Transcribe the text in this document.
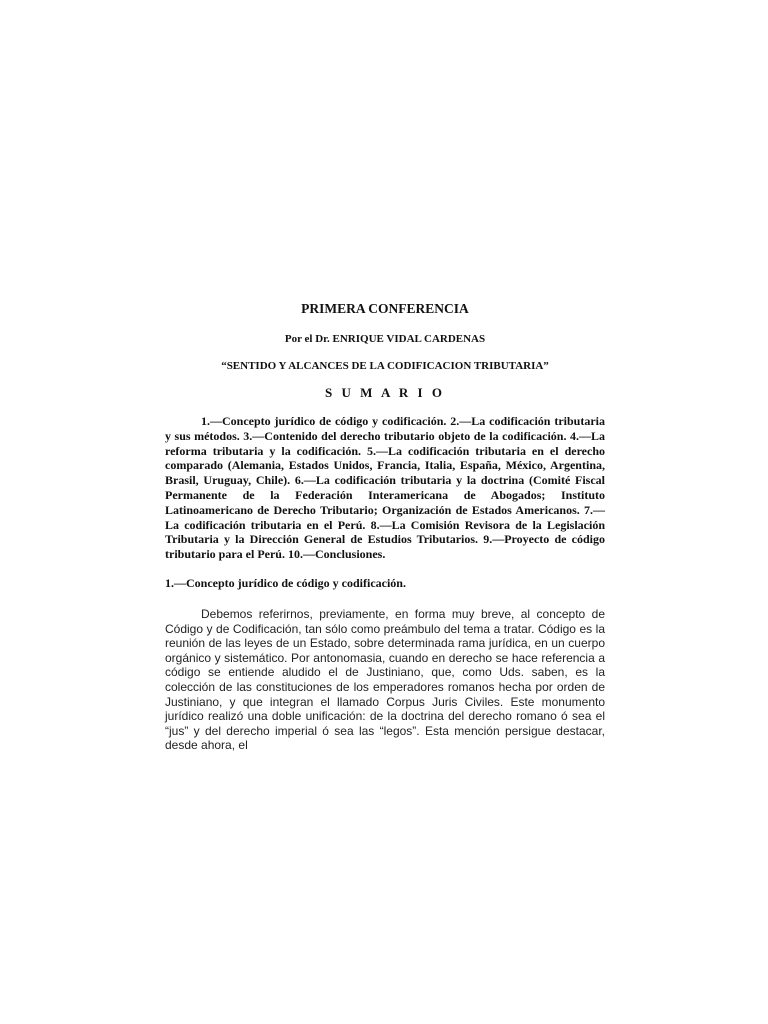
PRIMERA CONFERENCIA
Por el Dr. ENRIQUE VIDAL CARDENAS
“SENTIDO Y ALCANCES DE LA CODIFICACION TRIBUTARIA”
S U M A R I O

1.—Concepto jurídico de código y codificación. 2.—La codificación tributaria y sus métodos. 3.—Contenido del derecho tributario objeto de la codificación. 4.—La reforma tributaria y la codificación. 5.—La codificación tributaria en el derecho comparado (Alemania, Estados Unidos, Francia, Italia, España, México, Argentina, Brasil, Uruguay, Chile). 6.—La codificación tributaria y la doctrina (Comité Fiscal Permanente de la Federación Interamericana de Abogados; Instituto Latinoamericano de Derecho Tributario; Organización de Estados Americanos. 7.—La codificación tributaria en el Perú. 8.—La Comisión Revisora de la Legislación Tributaria y la Dirección General de Estudios Tributarios. 9.—Proyecto de código tributario para el Perú. 10.—Conclusiones.

1.—Concepto jurídico de código y codificación.

Debemos referirnos, previamente, en forma muy breve, al concepto de Código y de Codificación, tan sólo como preámbulo del tema a tratar. Código es la reunión de las leyes de un Estado, sobre determinada rama jurídica, en un cuerpo orgánico y sistemático. Por antonomasia, cuando en derecho se hace referencia a código se entiende aludido el de Justiniano, que, como Uds. saben, es la colección de las constituciones de los emperadores romanos hecha por orden de Justiniano, y que integran el llamado Corpus Juris Civiles. Este monumento jurídico realizó una doble unificación: de la doctrina del derecho romano ó sea el “jus” y del derecho imperial ó sea las “legos”. Esta mención persigue destacar, desde ahora, el
